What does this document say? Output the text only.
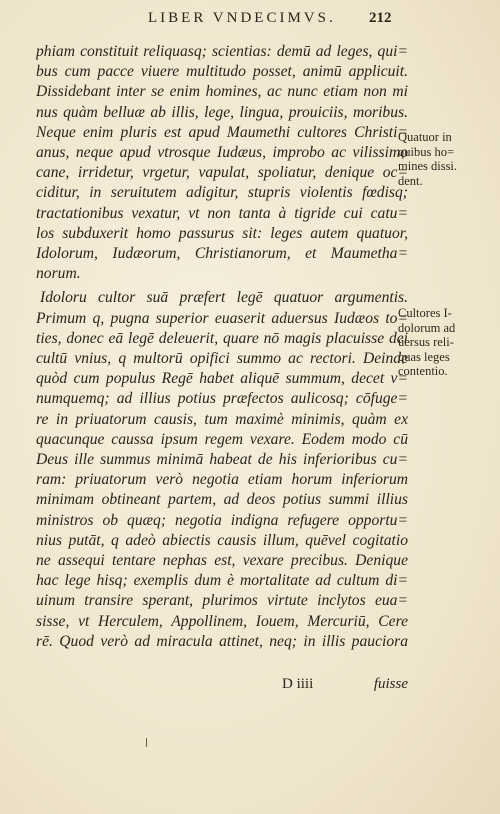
LIBER VNDECIMVS. 212
phiam constituit reliquasq; scientias: demū ad leges, qui=
bus cum pacce viuere multitudo posset, animū applicuit.
Dissidebant inter se enim homines, ac nunc etiam non mi
nus quàm belluæ ab illis, lege, lingua, prouiciis, moribus.
Neque enim pluris est apud Maumethi cultores Christi=
anus, neque apud vtrosque Iudæus, improbo ac vilissimo
cane, irridetur, vrgetur, vapulat, spoliatur, denique oc=
ciditur, in seruitutem adigitur, stupris violentis fœdisq;
tractationibus vexatur, vt non tanta à tigride cui catu=
los subduxerit homo passurus sit: leges autem quatuor,
Idolorum, Iudæorum, Christianorum, et Maumetha=
norum.
Idoloru cultor suā præfert legē quatuor argumentis.
Primum q, pugna superior euaserit aduersus Iudæos to=
ties, donec eā legē deleuerit, quare nō magis placuisse dei
cultū vnius, q multorū opifici summo ac rectori. Deinde
quòd cum populus Regē habet aliquē summum, decet v=
numquemq; ad illius potius præfectos aulicosq; cōfuge=
re in priuatorum causis, tum maximè minimis, quàm ex
quacunque caussa ipsum regem vexare. Eodem modo cū
Deus ille summus minimā habeat de his inferioribus cu=
ram: priuatorum verò negotia etiam horum inferiorum
minimam obtineant partem, ad deos potius summi illius
ministros ob quæq; negotia indigna refugere opportu=
nius putāt, q adeò abiectis causis illum, quēvel cogitatio
ne assequi tentare nephas est, vexare precibus. Denique
hac lege hisq; exemplis dum è mortalitate ad cultum di=
uinum transire sperant, plurimos virtute inclytos eua=
sisse, vt Herculem, Appollinem, Iouem, Mercuriū, Cere
rē. Quod verò ad miracula attinet, neq; in illis pauciora
Quatuor in
quibus ho=
mines dissi.
dent.
Cultores I-
dolorum ad
uersus reli-
quas leges
contentio.
D iiii	fuisse
